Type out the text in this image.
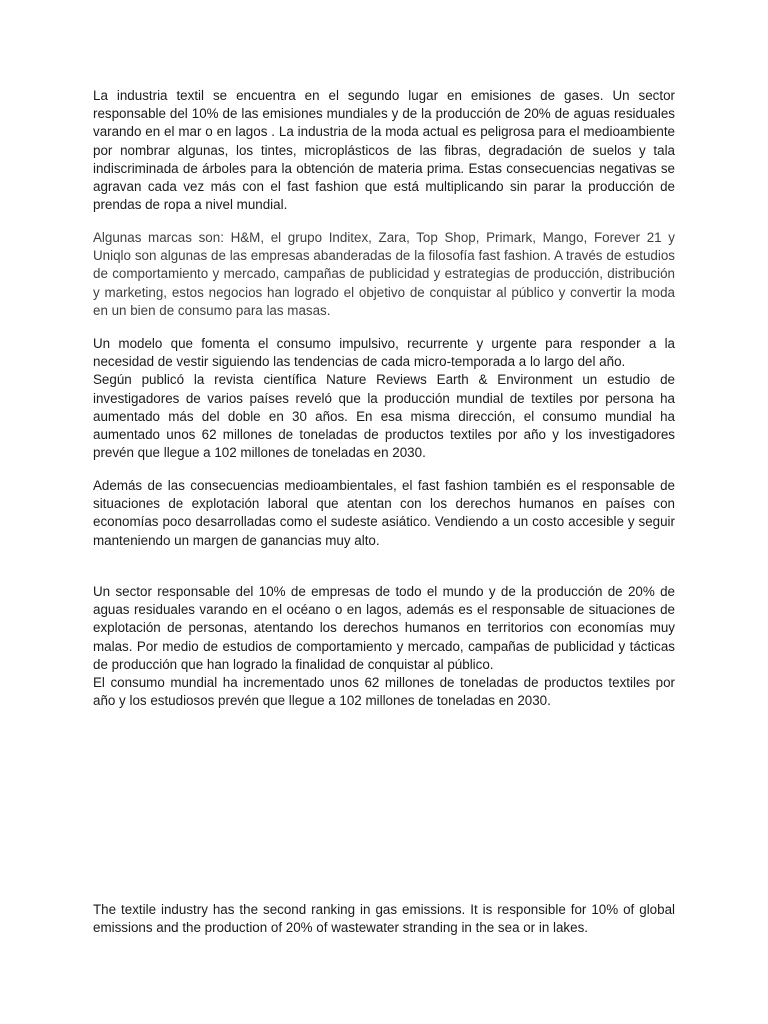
La industria textil se encuentra en el segundo lugar en emisiones de gases. Un sector responsable del 10% de las emisiones mundiales y de la producción de 20% de aguas residuales varando en el mar o en lagos . La industria de la moda actual es peligrosa para el medioambiente por nombrar algunas, los tintes, microplásticos de las fibras, degradación de suelos y tala indiscriminada de árboles para la obtención de materia prima. Estas consecuencias negativas se agravan cada vez más con el fast fashion que está multiplicando sin parar la producción de prendas de ropa a nivel mundial.

Algunas marcas son: H&M, el grupo Inditex, Zara, Top Shop, Primark, Mango, Forever 21 y Uniqlo son algunas de las empresas abanderadas de la filosofía fast fashion. A través de estudios de comportamiento y mercado, campañas de publicidad y estrategias de producción, distribución y marketing, estos negocios han logrado el objetivo de conquistar al público y convertir la moda en un bien de consumo para las masas.

Un modelo que fomenta el consumo impulsivo, recurrente y urgente para responder a la necesidad de vestir siguiendo las tendencias de cada micro-temporada a lo largo del año.
Según publicó la revista científica Nature Reviews Earth & Environment un estudio de investigadores de varios países reveló que la producción mundial de textiles por persona ha aumentado más del doble en 30 años. En esa misma dirección, el consumo mundial ha aumentado unos 62 millones de toneladas de productos textiles por año y los investigadores prevén que llegue a 102 millones de toneladas en 2030.

Además de las consecuencias medioambientales, el fast fashion también es el responsable de situaciones de explotación laboral que atentan con los derechos humanos en países con economías poco desarrolladas como el sudeste asiático. Vendiendo a un costo accesible y seguir manteniendo un margen de ganancias muy alto.

Un sector responsable del 10% de empresas de todo el mundo y de la producción de 20% de aguas residuales varando en el océano o en lagos, además es el responsable de situaciones de explotación de personas, atentando los derechos humanos en territorios con economías muy malas. Por medio de estudios de comportamiento y mercado, campañas de publicidad y tácticas de producción que han logrado la finalidad de conquistar al público.
El consumo mundial ha incrementado unos 62 millones de toneladas de productos textiles por año y los estudiosos prevén que llegue a 102 millones de toneladas en 2030.

The textile industry has the second ranking in gas emissions. It is responsible for 10% of global emissions and the production of 20% of wastewater stranding in the sea or in lakes.
